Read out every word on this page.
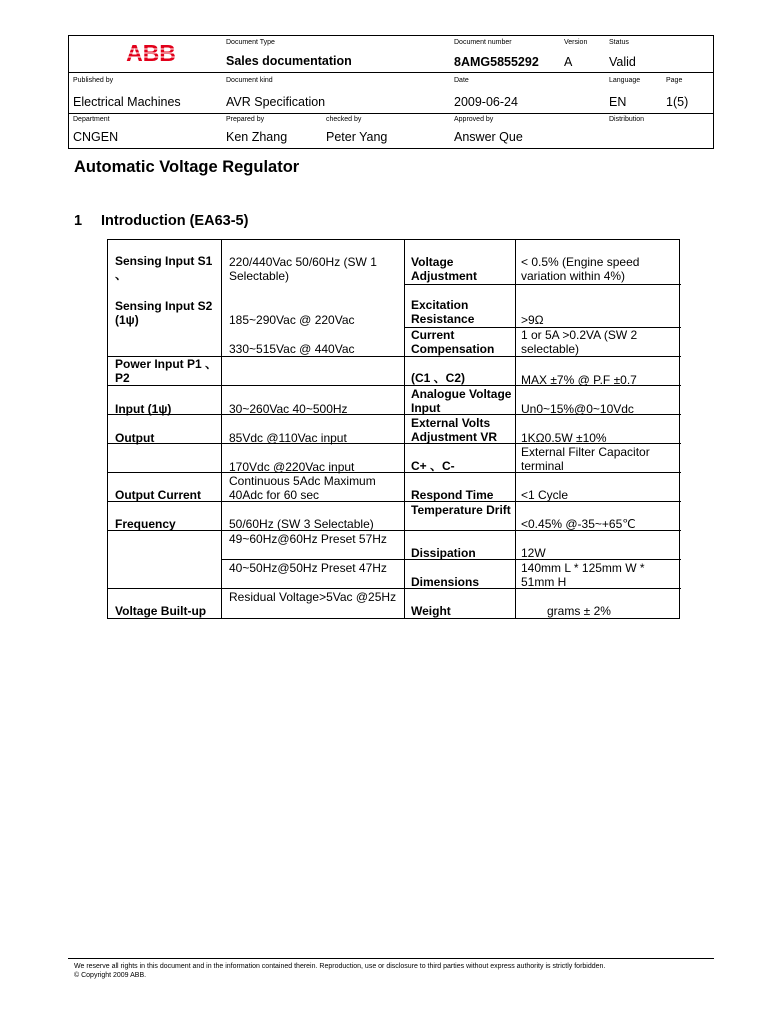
ABB	Document Type
Sales documentation
Document number
8AMG5855292
Version
A
Status
Valid
Published by
Electrical Machines
Document kind
AVR Specification
Date
2009-06-24
Language
EN
Page
1(5)
Department
CNGEN
Prepared by
Ken Zhang
checked by
Peter Yang
Approved by
Answer Que
Distribution
Automatic Voltage Regulator
1 Introduction (EA63-5)
Sensing Input S1 、
Sensing Input S2 (1ψ)
Power Input P1 、P2
Input (1ψ)
Output
Output Current
Frequency
Voltage Built-up
220/440Vac 50/60Hz (SW 1 Selectable)
185~290Vac @ 220Vac
330~515Vac @ 440Vac
30~260Vac 40~500Hz
85Vdc @110Vac input
170Vdc @220Vac input
Continuous 5Adc Maximum 40Adc for 60 sec
50/60Hz (SW 3 Selectable)
49~60Hz@60Hz Preset 57Hz
40~50Hz@50Hz Preset 47Hz
Residual Voltage>5Vac @25Hz
Voltage Adjustment
Excitation Resistance
Current Compensation
(C1 、C2)
Analogue Voltage Input
External Volts Adjustment VR
C+ 、C-
Respond Time
Temperature Drift
Dissipation
Dimensions
Weight
< 0.5% (Engine speed variation within 4%)
>9Ω
1 or 5A >0.2VA (SW 2 selectable)
MAX ±7% @ P.F ±0.7
Un0~15%@0~10Vdc
1KΩ0.5W ±10%
External Filter Capacitor terminal
<1 Cycle
<0.45% @-35~+65℃
12W
140mm L * 125mm W * 51mm H
grams ± 2%
We reserve all rights in this document and in the information contained therein. Reproduction, use or disclosure to third parties without express authority is strictly forbidden.
© Copyright 2009 ABB.
